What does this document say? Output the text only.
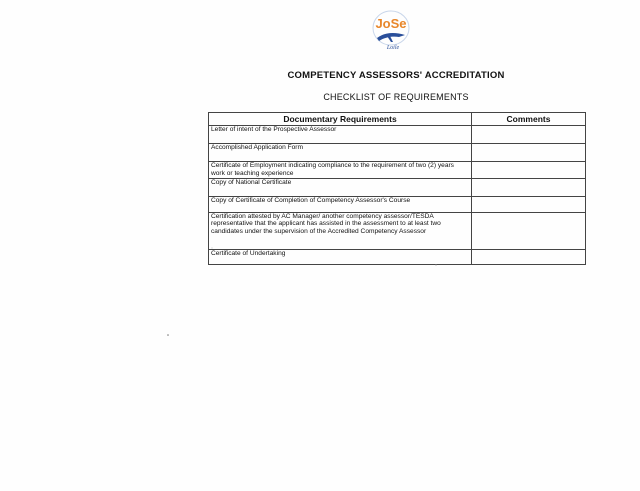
JoSe
Loile
COMPETENCY ASSESSORS' ACCREDITATION
CHECKLIST OF REQUIREMENTS
Documentary Requirements	Comments
Letter of intent of the Prospective Assessor	
Accomplished Application Form	
Certificate of Employment indicating compliance to the requirement of two (2) years work or teaching experience	
Copy of National Certificate	
Copy of Certificate of Completion of Competency Assessor's Course	
Certification attested by AC Manager/ another competency assessor/TESDA representative that the applicant has assisted in the assessment to at least two candidates under the supervision of the Accredited Competency Assessor	
Certificate of Undertaking	
